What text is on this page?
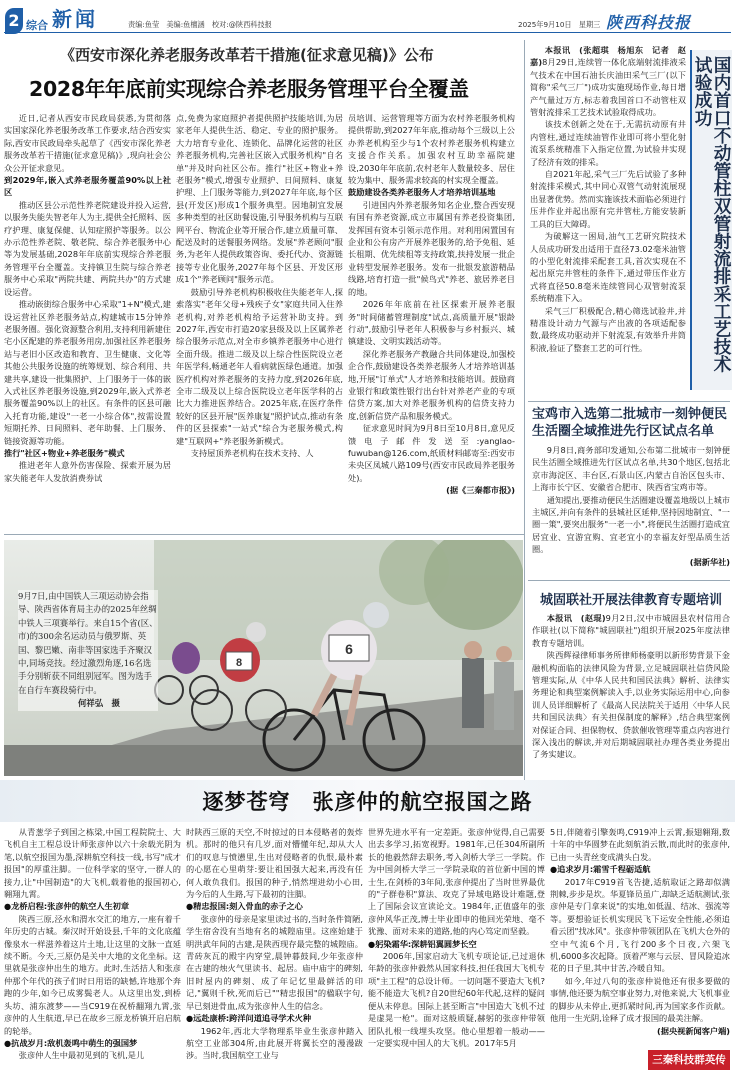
2 综合 新闻	责编:鱼莹　美编:鱼檀涵　校对:@陕西科技报	2025年9月10日　星期三 陕西科技报
《西安市深化养老服务改革若干措施(征求意见稿)》公布
2028年年底前实现综合养老服务管理平台全覆盖

近日,记者从西安市民政局获悉,为贯彻落实国家深化养老服务改革工作要求,结合西安实际,西安市民政局牵头起草了《西安市深化养老服务改革若干措施(征求意见稿)》,现向社会公众公开征求意见。

到2029年,嵌入式养老服务覆盖90%以上社区

推动区县公示范性养老院建设并投入运营,以服务失能失智老年人为主,提供全托照料、医疗护理、康复保健、认知症照护等服务。以公办示范性养老院、敬老院、综合养老服务中心等为发展基础,2028年年底前实现综合养老服务管理平台全覆盖。支持镇卫生院与综合养老服务中心采取"两院共建、两院共办"的方式建设运营。

推动嵌街综合服务中心采取"1+N"模式,建设运营社区养老服务站点,构建城市15分钟养老服务圈。强化资源整合利用,支持利用新建住宅小区配建的养老服务用房,加强社区养老服务站与老旧小区改造和教育、卫生健康、文化等其他公共服务设施的统筹规划、综合利用、共建共享,建设一批集照护、上门服务于一体的嵌入式社区养老服务设施,到2029年,嵌入式养老服务覆盖90%以上的社区。有条件的区县可融入托育功能,建设"一老一小综合体",按需设置短期托养、日间照料、老年助餐、上门服务、链接资源等功能。

推行"社区+物业+养老服务"模式

推进老年人意外伤害保险、探索开展为居家失能老年人发放消费券试

点,免费为家庭照护者提供照护技能培训,为居家老年人提供生活、稳定、专业的照护服务。大力培育专业化、连锁化、品牌化运营的社区养老服务机构,完善社区嵌入式服务机构"自名单"并及时向社区公布。推行"社区+物业+养老服务"模式,增强专业照护、日间照料、康复护理、上门服务等能力,到2027年年底,每个区县(开发区)形成1个服务典型。因地制宜发展多种类型的社区助餐设施,引导服务机构与互联网平台、物流企业等开展合作,建立质量可靠、配送及时的送餐服务网络。发展"养老顾问"服务,为老年人提供政策咨询、委托代办、资源链接等专业化服务,2027年每个区县、开发区形成1个"养老顾问"服务示范。

鼓励引导养老机构积极收住失能老年人,探索落实"老年父母+残疾子女"家庭共同入住养老机构,对养老机构给予运营补助支持。到2027年,西安市打造20家县级及以上区属养老综合服务示范点,对全市乡镇养老服务中心进行全面升级。推进二级及以上综合性医院设立老年医学科,畅通老年人看病就医绿色通道。加强医疗机构对养老服务的支持力度,到2026年底,全市二级及以上综合医院设立老年医学科的占比大力推进医养结合。2025年底,在医疗条件较好的区县开展"医养康复"照护试点,推动有条件的区县探索"一站式"综合为老服务模式,构建"互联网+"养老服务新模式。

支持屋顶养老机构在技术支持、人

员培训、运营管理等方面为农村养老服务机构提供帮助,到2027年年底,推动每个三级以上公办养老机构至少与1个农村养老服务机构建立支援合作关系。加强农村互助幸福院建设,2030年年底前,农村老年人数量较多、居住较为集中、服务需求较高的村实现全覆盖。

鼓励建设各类养老服务人才培养培训基地

引进国内外养老服务知名企业,整合西安现有国有养老资源,成立市属国有养老投资集团,发挥国有资本引领示范作用。对利用闲置国有企业和公有房产开展养老服务的,给予免租、延长租期、优先续租等支持政策,扶持发展一批企业转型发展养老服务。发布一批银发旅游精品线路,培育打造一批"候鸟式"养老、旅居养老目的地。

2026年年底前在社区探索开展养老服务"时间储蓄管理制度"试点,高质量开展"银龄行动",鼓励引导老年人积极参与乡村振兴、城镇建设、文明实践活动等。

深化养老服务产教融合共同体建设,加强校企合作,鼓励建设各类养老服务人才培养培训基地,开展"订单式"人才培养和技能培训。鼓励商业银行和政策性银行出台针对养老产业的专项信贷方案,加大对养老服务机构的信贷支持力度,创新信贷产品和服务模式。

征求意见时间为9月8日至10月8日,意见反馈电子邮件发送至:yanglao-fuwuban@126.com,纸质材料邮寄至:西安市未央区凤城八路109号(西安市民政局养老服务处)。

(据《三秦都市报》)

国内首口不动管柱双管射流排采工艺技术试验成功

本报讯　(张超琪　杨旭东　记者　赵嘉)8月29日,连续管一体化底端射流排液采气技术在中国石油长庆油田采气三厂(以下简称"采气三厂")成功实施现场作业,每日增产气量过万方,标志着我国首口不动管柱双管射流排采工艺技术试验取得成功。

该技术创新之处在于,无需抗动原有井内管柱,通过连续油管作业即可将小型化射流泵系统精准下入指定位置,为试验井实现了经济有效的排采。

自2021年起,采气三厂先后试验了多种射流排采模式,其中同心双管气动射流展现出显著优势。然而实施该技术面临必须进行压井作业并起出原有完井管柱,方能安装新工具的巨大障碍。

为破解这一困局,油气工艺研究院技术人员成功研发出适用于直径73.02毫米油管的小型化射流排采配套工具,首次实现在不起出原完井管柱的条件下,通过带压作业方式将直径50.8毫米连续管同心双管射流泵系统精准下入。

采气三厂积极配合,精心筛选试验井,并精准设计动力气源与产出液的各项适配参数,最终成功驱动并下射流泵,有效举升井筒积液,验证了整套工艺的可行性。

宝鸡市入选第二批城市一刻钟便民生活圈全域推进先行区试点名单

9月8日,商务部印发通知,公布第二批城市一刻钟便民生活圈全域推进先行区试点名单,共30个地区,包括北京市海淀区、丰台区,石景山区,内蒙古自治区包头市、上海市长宁区、安徽省合肥市、陕西省宝鸡市等。

通知提出,要推动便民生活圈建设覆盖地级以上城市主城区,并向有条件的县城社区延伸,坚持因地制宜、"一圈一策",要突出服务"一老一小",将便民生活圈打造成宜居宜业、宜游宜购、宜老宜小的幸福友好型品质生活圈。

(据新华社)

城固联社开展法律教育专题培训

本报讯　(赵琨)9月2日,汉中市城固县农村信用合作联社(以下简称"城固联社")组织开展2025年度法律教育专题培训。

陕西辉禄律师事务所律师杨豪明以新形势背景下金融机构面临的法律风险为背景,立足城固联社信贷风险管理实际,从《中华人民共和国民法典》解析、法律实务理论和典型案例解读入手,以业务实际运用中心,向参训人员详细解析了《最高人民法院关于适用〈中华人民共和国民法典〉有关担保制度的解释》,结合典型案例对保证合同、担保物权、贷款催收管理等重点内容进行深入浅出的解读,并对后期城固联社办理各类业务提出了务实建议。

6
8
9月7日,由中国铁人三项运动协会指导、陕西省体育局主办的2025年丝绸中铁人三项赛举行。来自15个省(区、市)的300余名运动员与俄罗斯、英国、黎巴嫩、南非等国家选手齐聚汉中,同场竞技。经过激烈角逐,16名选手分别斩获不同组别冠军。图为选手在自行车赛段骑行中。
何祥弘　摄
逐梦苍穹　张彦仲的航空报国之路

从青葱学子到国之栋梁,中国工程院院士、大飞机自主工程总设计师张彦仲以六十余载光阴为笔,以航空报国为墨,深耕航空科技一线,书写"成才报国"的厚重注脚。一位科学家的坚守,一群人的接力,让"中国制造"的大飞机,载着他的报国初心,翱翔九霄。

●龙桥启程:张彦仲的航空人生初章

陕西三原,泾水和渭水交汇的地方,一座有着千年历史的古城。秦汉时开始设县,千年的文化底蕴像泉水一样滋养着这片土地,让这里的文脉一直延续不断。今天,三原仍是关中大地的文化坐标。这里就是张彦仲出生的地方。此时,生活拮人和张彦仲那个年代的孩子们时日用语的缺憾,许地那个奔跑的少年,如今已成雾鬓老人。从这里出发,到桥头坊、浦东渡梦——当C919在祝桥翻翔九霄,张彦仲的人生航道,早已在故乡三原龙桥镇开启启航的轮举。

●抗战岁月:敌机轰鸣中萌生的强国梦

张彦仲人生中最初见到的飞机,是儿

时陕西三原的天空,不时掠过的日本侵略者的轰炸机。那时的他只有几岁,面对懵懂年纪,却从大人们的叹息与愤懑里,生出对侵略者的仇恨,最朴素的心愿在心里萌芽:要让祖国强大起来,再没有任何人敢负我们。报国的种子,悄然埋进幼小心田,为今后的人生路,写下最初的注脚。

●精忠报国:刻入骨血的赤子之心

张彦仲的母亲是家里读过书的,当时条件简陋,学生宿舍没有当地有名的城隍庙里。这座始建于明洪武年间的古建,是陕西现存最完整的城隍庙。青砖灰瓦的殿宇内穿堂,晨钟暮鼓间,少年张彦仲在古建的烛火气里读书、起居。庙中庙宇的碑刻,旧时屋内的碑刻、成了年记忆里最鲜活的印记,"翼则千秋,死而后已""精忠报国"的楹联字句,早已刻进骨血,成为张彦仲人生的信念。

●远赴康桥:跨洋问道追寻学术火种

1962年,西北大学物理系毕业生张彦仲踏入航空工业部304所,由此展开将翼长空的漫漫跋涉。当时,我国航空工业与

世界先进水平有一定差距。张彦仲觉得,自己需要出去多学习,拓宽视野。1981年,已任304所副所长的他毅然辞去职务,考入剑桥大学三一学院。作为中国剑桥大学三一学院录取的首位新中国的博士生,在剑桥的3年间,张彦仲提出了当时世界最优的"子群卷积"算法、攻克了异域电路设计难题,登上了国际会议宣读论文。1984年,正值盛年的张彦仲风华正茂,博士毕业即申的他回光荣地、毫不犹豫、面对未来的道路,他的内心笃定而坚毅。

●躬染霜华:深耕铝翼圆梦长空

2006年,国家启动大飞机专项论证,已过退休年龄的张彦仲毅然从国家科技,担任我国大飞机专项"主工程"的总设计师。一切问题不要造大飞机?能不能造大飞机?自20世纪60年代起,这样的疑问便从未停息。国际上甚至断言"中国造大飞机不过是虚晃一枪"。面对这般质疑,赫躬的张彦仲带领团队扎根一线埋头攻坚。他心里想着一般动——一定要实现中国人的大飞机。2017年5月

5日,伴随着引擎轰鸣,C919冲上云霄,振翅翱翔,数十年的中华圆梦在此刻航消云散,而此时的张彦仲,已由一头青丝变成满头白发。

●追求岁月:霜雪千程砺适航

2017年C919首飞告捷,适航取证之路却似满荆棘,步步是坎。华夏锋员虽广,却缺乏适航测试,张彦仲是专门拿来说"的实地,如低温、结冰、强流等等。要想验证长机实现民飞下运安全性能,必须追看云团"找冰风"。张彦仲带领团队在飞机大仓外的空中气流6个月,飞行200多个日夜,六架飞机,6000多次起降。顶着严寒与云层、冒风险追冰花的日子里,其中甘苦,冷暖自知。

如今,年过八旬的张彦仲说他还有很多要做的事情,他还要为航空事业努力,对他来说,大飞机事业的脚步从未停止,更抓紧时间,再为国家多作贡献。他用一生光阴,诠释了成才报国的最美注解。

(据央视新闻客户端)

三秦科技群英传
